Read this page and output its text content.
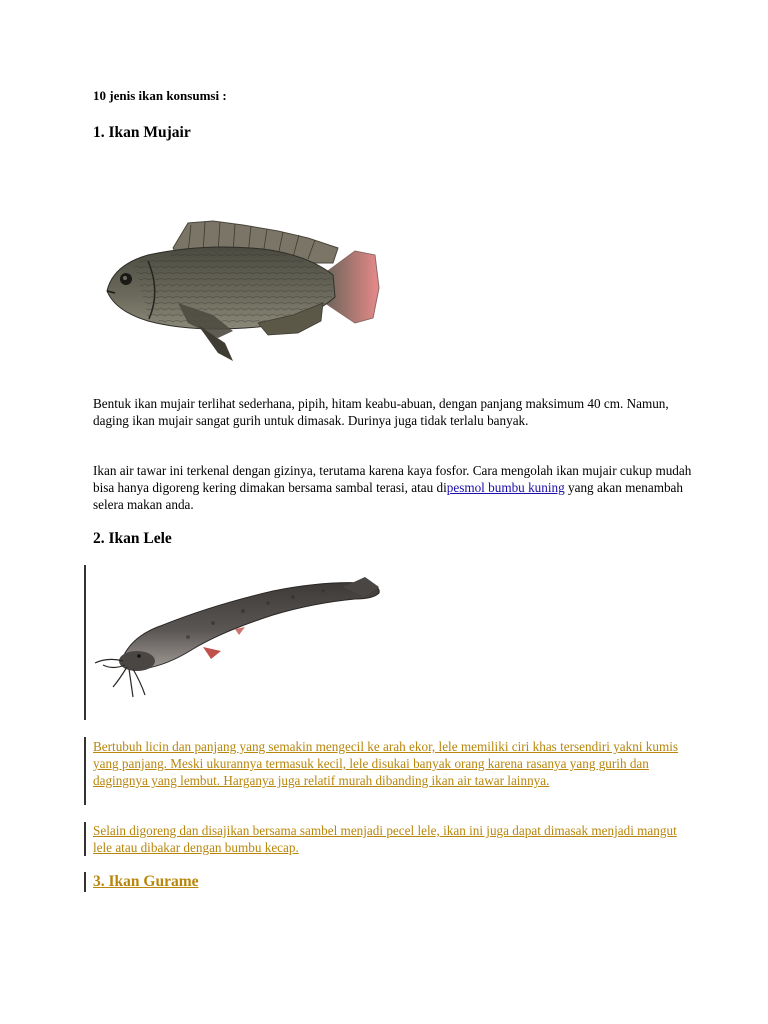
10 jenis ikan konsumsi :
1. Ikan Mujair
Bentuk ikan mujair terlihat sederhana, pipih, hitam keabu-abuan, dengan panjang maksimum 40 cm. Namun, daging ikan mujair sangat gurih untuk dimasak. Durinya juga tidak terlalu banyak.
Ikan air tawar ini terkenal dengan gizinya, terutama karena kaya fosfor. Cara mengolah ikan mujair cukup mudah bisa hanya digoreng kering dimakan bersama sambal terasi, atau dipesmol bumbu kuning yang akan menambah selera makan anda.
2. Ikan Lele
Bertubuh licin dan panjang yang semakin mengecil ke arah ekor, lele memiliki ciri khas tersendiri yakni kumis yang panjang. Meski ukurannya termasuk kecil, lele disukai banyak orang karena rasanya yang gurih dan dagingnya yang lembut. Harganya juga relatif murah dibanding ikan air tawar lainnya.
Selain digoreng dan disajikan bersama sambel menjadi pecel lele, ikan ini juga dapat dimasak menjadi mangut lele atau dibakar dengan bumbu kecap.
3. Ikan Gurame
